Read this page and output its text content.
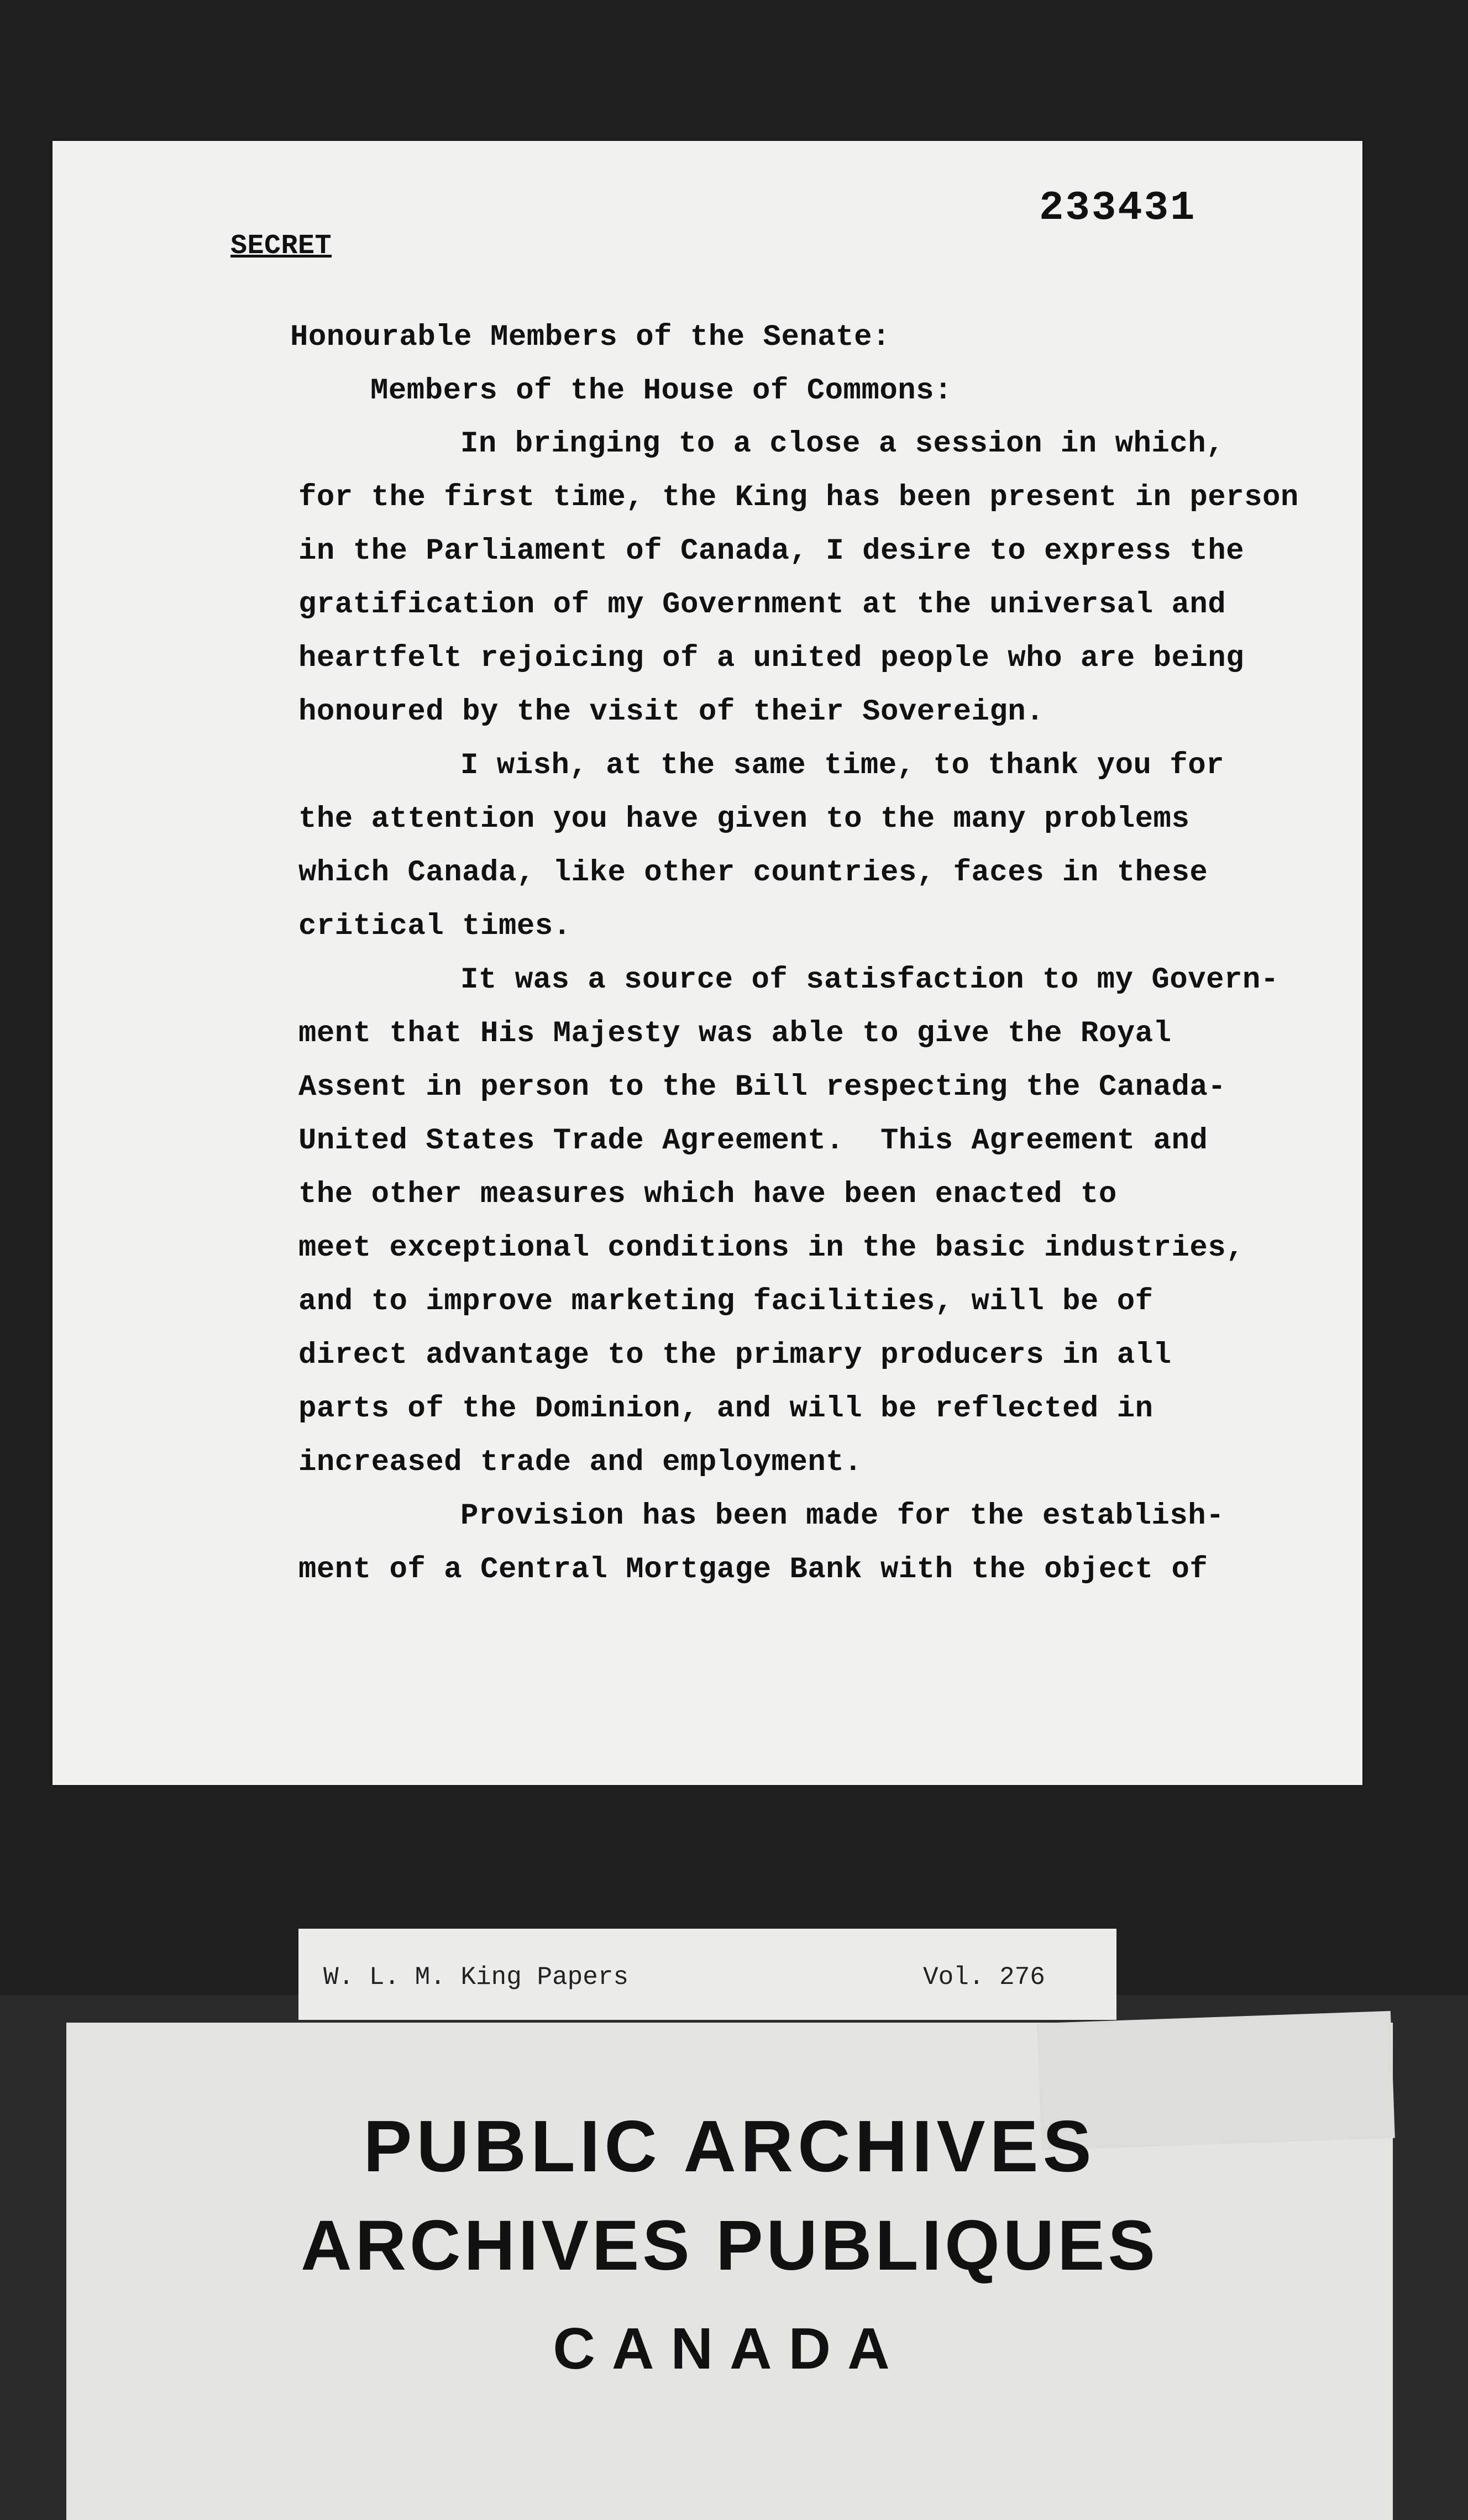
233431
SECRET
Honourable Members of the Senate:
Members of the House of Commons:
In bringing to a close a session in which,
for the first time, the King has been present in person
in the Parliament of Canada, I desire to express the
gratification of my Government at the universal and
heartfelt rejoicing of a united people who are being
honoured by the visit of their Sovereign.
I wish, at the same time, to thank you for
the attention you have given to the many problems
which Canada, like other countries, faces in these
critical times.
It was a source of satisfaction to my Govern-
ment that His Majesty was able to give the Royal
Assent in person to the Bill respecting the Canada-
United States Trade Agreement.  This Agreement and
the other measures which have been enacted to
meet exceptional conditions in the basic industries,
and to improve marketing facilities, will be of
direct advantage to the primary producers in all
parts of the Dominion, and will be reflected in
increased trade and employment.
Provision has been made for the establish-
ment of a Central Mortgage Bank with the object of
W. L. M. King Papers	Vol. 276
PUBLIC ARCHIVES
ARCHIVES PUBLIQUES
CANADA
